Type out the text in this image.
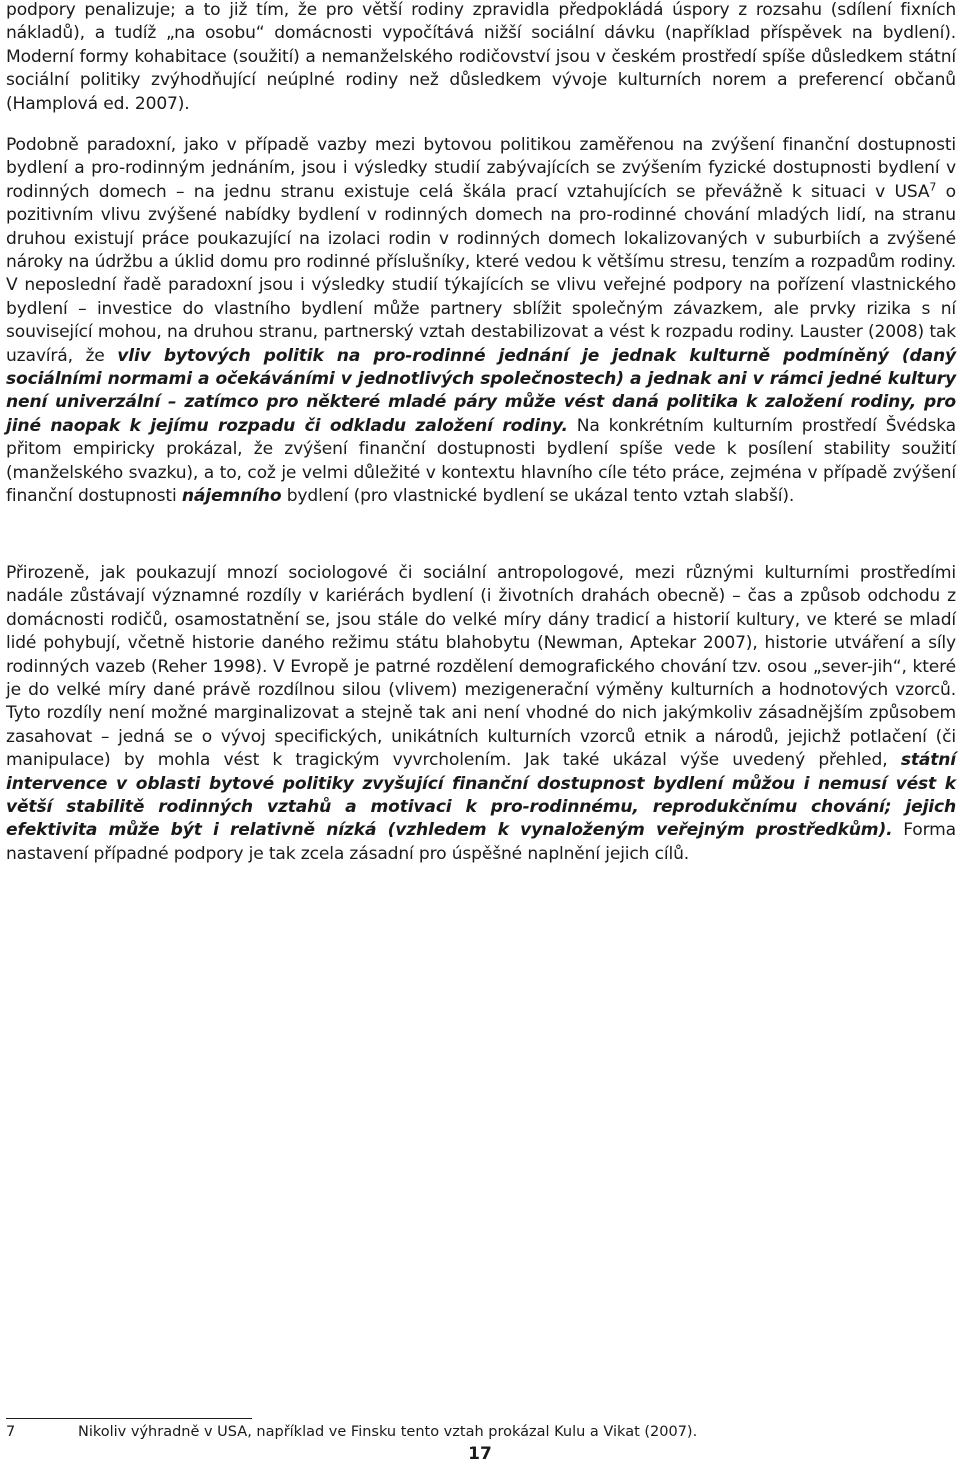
podpory penalizuje; a to již tím, že pro větší rodiny zpravidla předpokládá úspory z rozsahu (sdílení fixních nákladů), a tudíž „na osobu“ domácnosti vypočítává nižší sociální dávku (například příspěvek na bydlení). Moderní formy kohabitace (soužití) a nemanželského rodičovství jsou v českém prostředí spíše důsledkem státní sociální politiky zvýhodňující neúplné rodiny než důsledkem vývoje kulturních norem a preferencí občanů (Hamplová ed. 2007).

Podobně paradoxní, jako v případě vazby mezi bytovou politikou zaměřenou na zvýšení finanční dostupnosti bydlení a pro-rodinným jednáním, jsou i výsledky studií zabývajících se zvýšením fyzické dostupnosti bydlení v rodinných domech – na jednu stranu existuje celá škála prací vztahujících se převážně k situaci v USA$^7$ o pozitivním vlivu zvýšené nabídky bydlení v rodinných domech na pro-rodinné chování mladých lidí, na stranu druhou existují práce poukazující na izolaci rodin v rodinných domech lokalizovaných v suburbiích a zvýšené nároky na údržbu a úklid domu pro rodinné příslušníky, které vedou k většímu stresu, tenzím a rozpadům rodiny. V neposlední řadě paradoxní jsou i výsledky studií týkajících se vlivu veřejné podpory na pořízení vlastnického bydlení – investice do vlastního bydlení může partnery sblížit společným závazkem, ale prvky rizika s ní související mohou, na druhou stranu, partnerský vztah destabilizovat a vést k rozpadu rodiny. Lauster (2008) tak uzavírá, že vliv bytových politik na pro-rodinné jednání je jednak kulturně podmíněný (daný sociálními normami a očekáváními v jednotlivých společnostech) a jednak ani v rámci jedné kultury není univerzální – zatímco pro některé mladé páry může vést daná politika k založení rodiny, pro jiné naopak k jejímu rozpadu či odkladu založení rodiny. Na konkrétním kulturním prostředí Švédska přitom empiricky prokázal, že zvýšení finanční dostupnosti bydlení spíše vede k posílení stability soužití (manželského svazku), a to, což je velmi důležité v kontextu hlavního cíle této práce, zejména v případě zvýšení finanční dostupnosti nájemního bydlení (pro vlastnické bydlení se ukázal tento vztah slabší).

Přirozeně, jak poukazují mnozí sociologové či sociální antropologové, mezi různými kulturními prostředími nadále zůstávají významné rozdíly v kariérách bydlení (i životních drahách obecně) – čas a způsob odchodu z domácnosti rodičů, osamostatnění se, jsou stále do velké míry dány tradicí a historií kultury, ve které se mladí lidé pohybují, včetně historie daného režimu státu blahobytu (Newman, Aptekar 2007), historie utváření a síly rodinných vazeb (Reher 1998). V Evropě je patrné rozdělení demografického chování tzv. osou „sever-jih“, které je do velké míry dané právě rozdílnou silou (vlivem) mezigenerační výměny kulturních a hodnotových vzorců. Tyto rozdíly není možné marginalizovat a stejně tak ani není vhodné do nich jakýmkoliv zásadnějším způsobem zasahovat – jedná se o vývoj specifických, unikátních kulturních vzorců etnik a národů, jejichž potlačení (či manipulace) by mohla vést k tragickým vyvrcholením. Jak také ukázal výše uvedený přehled, státní intervence v oblasti bytové politiky zvyšující finanční dostupnost bydlení můžou i nemusí vést k větší stabilitě rodinných vztahů a motivaci k pro-rodinnému, reprodukčnímu chování; jejich efektivita může být i relativně nízká (vzhledem k vynaloženým veřejným prostředkům). Forma nastavení případné podpory je tak zcela zásadní pro úspěšné naplnění jejich cílů.

7	Nikoliv výhradně v USA, například ve Finsku tento vztah prokázal Kulu a Vikat (2007).
17
